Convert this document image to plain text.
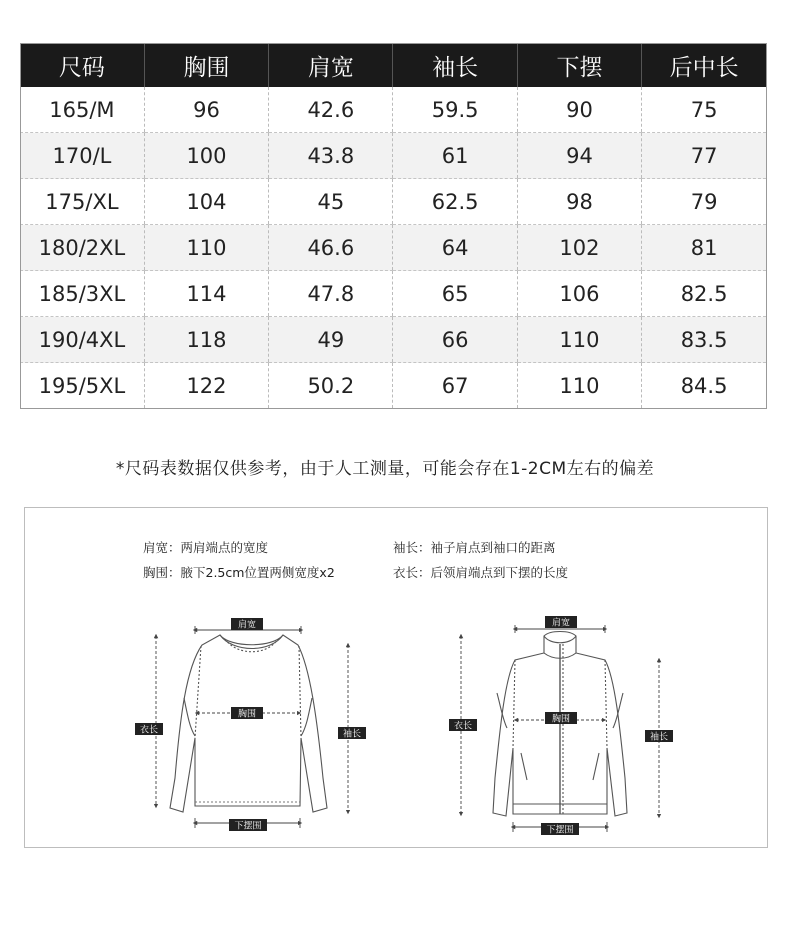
尺码	胸围	肩宽	袖长	下摆	后中长
165/M	96	42.6	59.5	90	75
170/L	100	43.8	61	94	77
175/XL	104	45	62.5	98	79
180/2XL	110	46.6	64	102	81
185/3XL	114	47.8	65	106	82.5
190/4XL	118	49	66	110	83.5
195/5XL	122	50.2	67	110	84.5
*尺码表数据仅供参考，由于人工测量，可能会存在1-2CM左右的偏差
肩宽：两肩端点的宽度
胸围：腋下2.5cm位置两侧宽度x2
袖长：袖子肩点到袖口的距离
衣长：后领肩端点到下摆的长度
肩宽
胸围
衣长	袖长
下摆围
肩宽
胸围
衣长
袖长
下摆围
